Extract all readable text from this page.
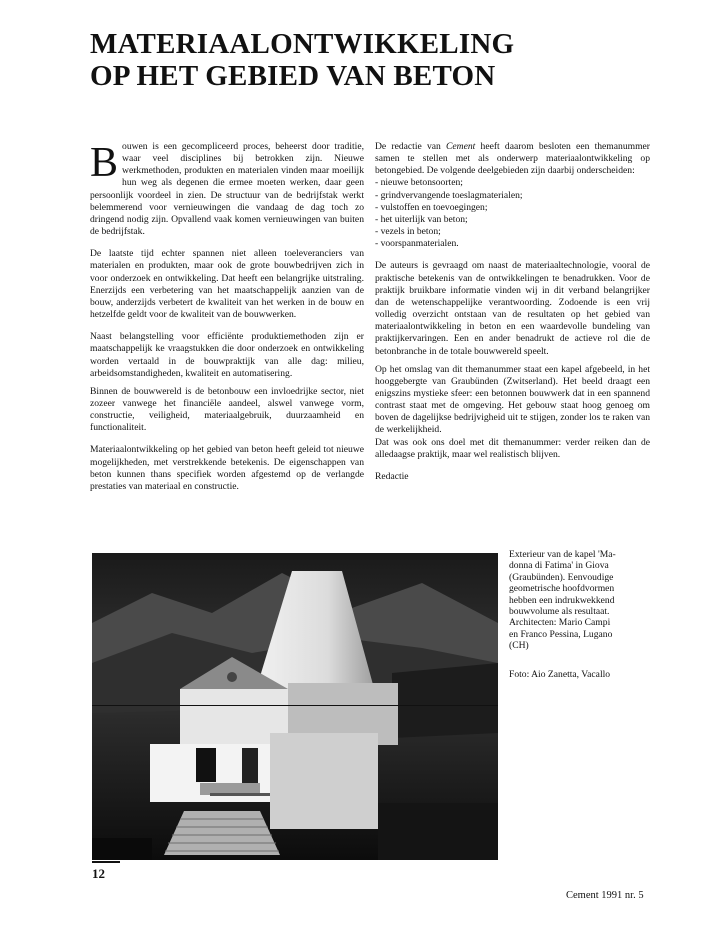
MATERIAALONTWIKKELING
OP HET GEBIED VAN BETON

Bouwen is een gecompliceerd proces, beheerst door traditie, waar veel disciplines bij betrokken zijn. Nieuwe werkmethoden, produkten en materialen vinden maar moeilijk hun weg als degenen die ermee moeten werken, daar geen persoonlijk voordeel in zien. De structuur van de bedrijfstak werkt belemmerend voor vernieuwingen die vandaag de dag toch zo dringend nodig zijn. Opvallend vaak komen vernieuwingen van buiten de bedrijfstak.

De laatste tijd echter spannen niet alleen toeleveranciers van materialen en produkten, maar ook de grote bouwbedrijven zich in voor onderzoek en ontwikkeling. Dat heeft een belangrijke uitstraling. Enerzijds een verbetering van het maatschappelijk aanzien van de bouw, anderzijds verbetert de kwaliteit van het werken in de bouw en hetzelfde geldt voor de kwaliteit van de bouwwerken.

Naast belangstelling voor efficiënte produktiemethoden zijn er maatschappelijk ke vraagstukken die door onderzoek en ontwikkeling worden vertaald in de bouwpraktijk van alle dag: milieu, arbeidsomstandigheden, kwaliteit en automatisering.

Binnen de bouwwereld is de betonbouw een invloedrijke sector, niet zozeer vanwege het financiële aandeel, alswel vanwege vorm, constructie, veiligheid, materiaalgebruik, duurzaamheid en functionaliteit.

Materiaalontwikkeling op het gebied van beton heeft geleid tot nieuwe mogelijkheden, met verstrekkende betekenis. De eigenschappen van beton kunnen thans specifiek worden afgestemd op de verlangde prestaties van materiaal en constructie.

De redactie van Cement heeft daarom besloten een themanummer samen te stellen met als onderwerp materiaalontwikkeling op betongebied. De volgende deelgebieden zijn daarbij onderscheiden:

- nieuwe betonsoorten;
- grindvervangende toeslagmaterialen;
- vulstoffen en toevoegingen;
- het uiterlijk van beton;
- vezels in beton;
- voorspanmaterialen.

De auteurs is gevraagd om naast de materiaaltechnologie, vooral de praktische betekenis van de ontwikkelingen te benadrukken. Voor de praktijk bruikbare informatie vinden wij in dit verband belangrijker dan de wetenschappelijke verantwoording. Zodoende is een vrij volledig overzicht ontstaan van de resultaten op het gebied van materiaalontwikkeling in beton en een waardevolle bundeling van praktijkervaringen. Een en ander benadrukt de actieve rol die de betonbranche in de totale bouwwereld speelt.

Op het omslag van dit themanummer staat een kapel afgebeeld, in het hooggebergte van Graubünden (Zwitserland). Het beeld draagt een enigszins mystieke sfeer: een betonnen bouwwerk dat in een spannend contrast staat met de omgeving. Het gebouw staat hoog genoeg om boven de dagelijkse bedrijvigheid uit te stijgen, zonder los te raken van de werkelijkheid.

Dat was ook ons doel met dit themanummer: verder reiken dan de alledaagse praktijk, maar wel realistisch blijven.

Redactie

Exterieur van de kapel 'Ma-

donna di Fatima' in Giova

(Graubünden). Eenvoudige

geometrische hoofdvormen

hebben een indrukwekkend

bouwvolume als resultaat.

Architecten: Mario Campi

en Franco Pessina, Lugano

(CH)

Foto: Aio Zanetta, Vacallo
12
Cement 1991 nr. 5
